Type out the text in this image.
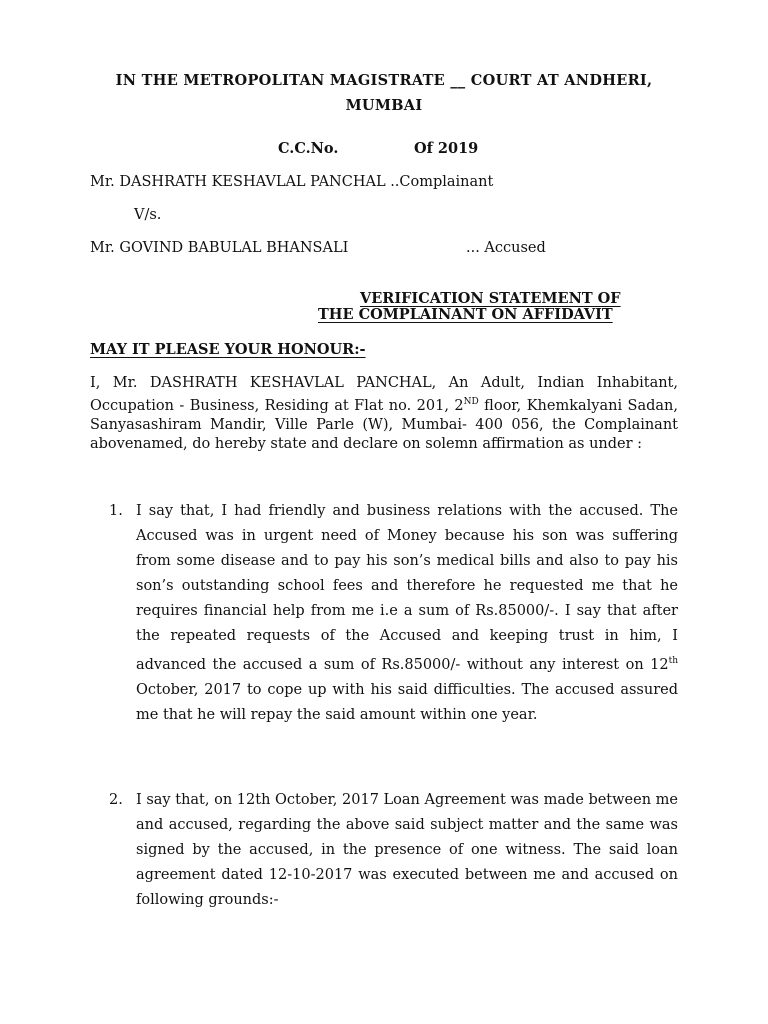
IN THE METROPOLITAN MAGISTRATE __ COURT AT ANDHERI,
MUMBAI
C.C.No.	Of 2019
Mr. DASHRATH KESHAVLAL PANCHAL ..Complainant
V/s.
Mr. GOVIND BABULAL BHANSALI	... Accused
VERIFICATION STATEMENT OF
THE COMPLAINANT ON AFFIDAVIT
MAY IT PLEASE YOUR HONOUR:-
I, Mr. DASHRATH KESHAVLAL PANCHAL, An Adult, Indian Inhabitant, Occupation - Business, Residing at Flat no. 201, 2ND floor, Khemkalyani Sadan, Sanyasashiram Mandir, Ville Parle (W), Mumbai- 400 056, the Complainant abovenamed, do hereby state and declare on solemn affirmation as under :
1. I say that, I had friendly and business relations with the accused. The Accused was in urgent need of Money because his son was suffering from some disease and to pay his son’s medical bills and also to pay his son’s outstanding school fees and therefore he requested me that he requires financial help from me i.e a sum of Rs.85000/-. I say that after the repeated requests of the Accused and keeping trust in him, I advanced the accused a sum of Rs.85000/- without any interest on 12th October, 2017 to cope up with his said difficulties. The accused assured me that he will repay the said amount within one year.
2. I say that, on 12th October, 2017 Loan Agreement was made between me and accused, regarding the above said subject matter and the same was signed by the accused, in the presence of one witness. The said loan agreement dated 12-10-2017 was executed between me and accused on following grounds:-
